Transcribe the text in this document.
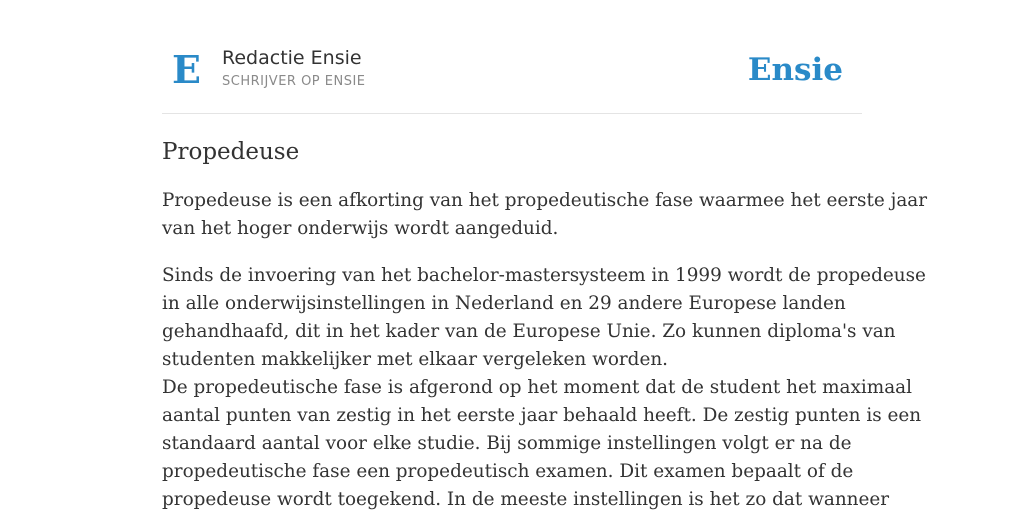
E Redactie Ensie
SCHRIJVER OP ENSIE	Ensie
Propedeuse

Propedeuse is een afkorting van het propedeutische fase waarmee het eerste jaar
van het hoger onderwijs wordt aangeduid.

Sinds de invoering van het bachelor-mastersysteem in 1999 wordt de propedeuse
in alle onderwijsinstellingen in Nederland en 29 andere Europese landen
gehandhaafd, dit in het kader van de Europese Unie. Zo kunnen diploma's van
studenten makkelijker met elkaar vergeleken worden.
De propedeutische fase is afgerond op het moment dat de student het maximaal
aantal punten van zestig in het eerste jaar behaald heeft. De zestig punten is een
standaard aantal voor elke studie. Bij sommige instellingen volgt er na de
propedeutische fase een propedeutisch examen. Dit examen bepaalt of de
propedeuse wordt toegekend. In de meeste instellingen is het zo dat wanneer
